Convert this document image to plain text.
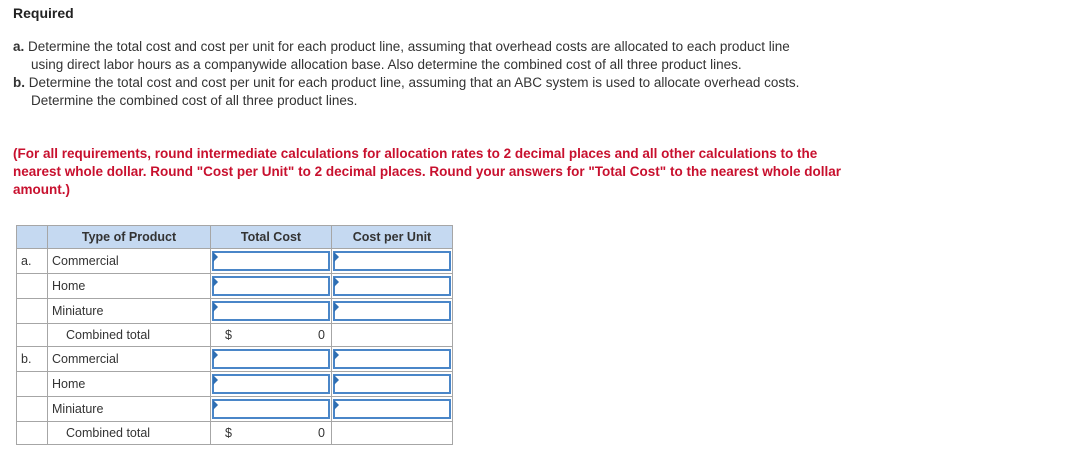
Required
a. Determine the total cost and cost per unit for each product line, assuming that overhead costs are allocated to each product line
using direct labor hours as a companywide allocation base. Also determine the combined cost of all three product lines.
b. Determine the total cost and cost per unit for each product line, assuming that an ABC system is used to allocate overhead costs.
Determine the combined cost of all three product lines.
(For all requirements, round intermediate calculations for allocation rates to 2 decimal places and all other calculations to the
nearest whole dollar. Round "Cost per Unit" to 2 decimal places. Round your answers for "Total Cost" to the nearest whole dollar
amount.)
	Type of Product	Total Cost	Cost per Unit
a.	Commercial		

	Home		

	Miniature		

	Combined total	$ 0	

b.	Commercial		

	Home		

	Miniature		

	Combined total	$ 0	
